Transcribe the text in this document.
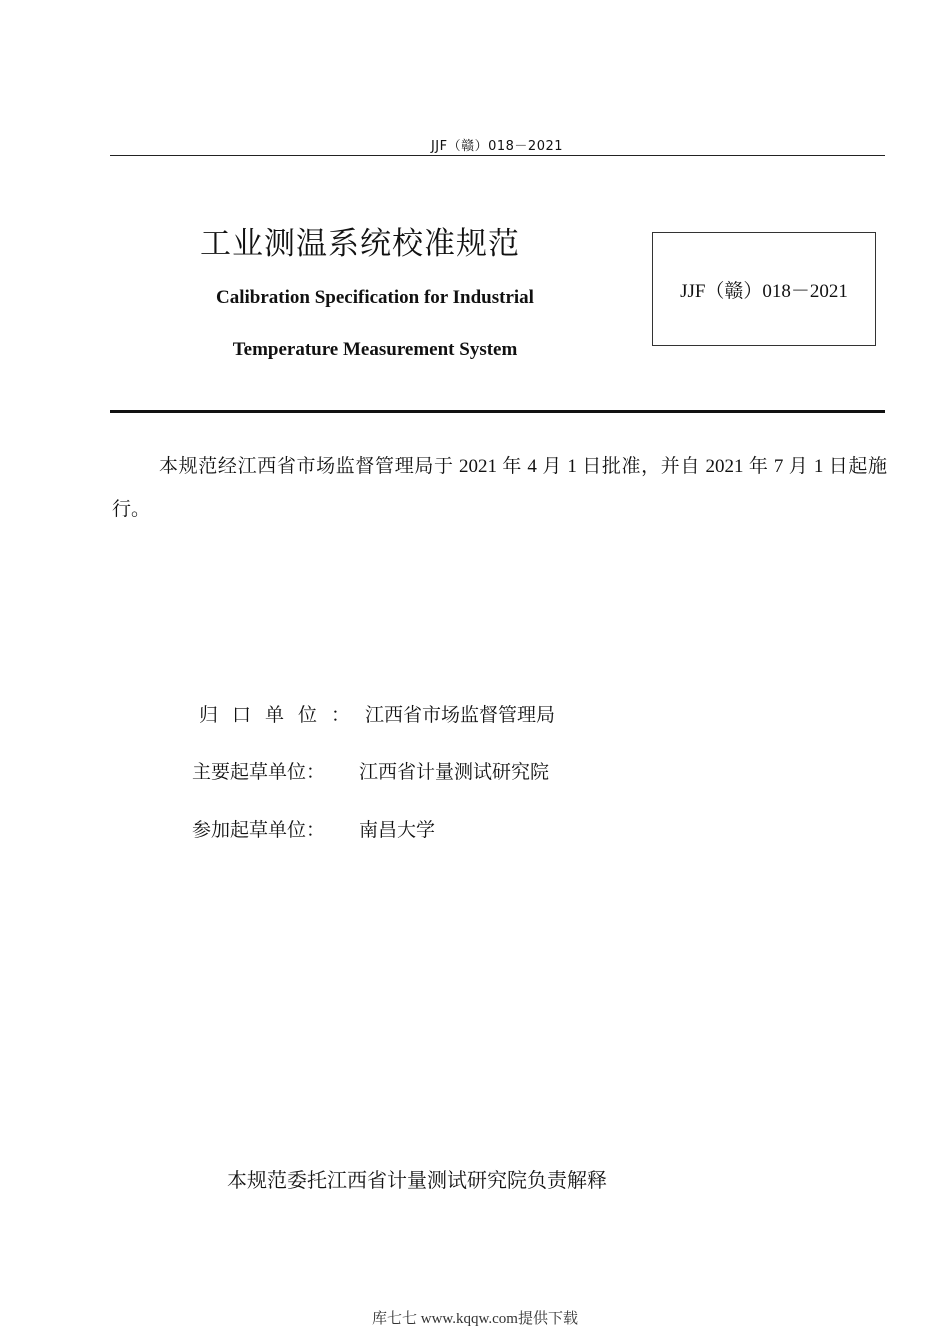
JJF（赣）018－2021
工业测温系统校准规范
Calibration Specification for Industrial
Temperature Measurement System
JJF（赣）018－2021
本规范经江西省市场监督管理局于 2021 年 4 月 1 日批准，并自 2021 年 7 月 1 日起施行。
归口单位： 江西省市场监督管理局
主要起草单位： 江西省计量测试研究院
参加起草单位： 南昌大学
本规范委托江西省计量测试研究院负责解释
库七七 www.kqqw.com提供下载
